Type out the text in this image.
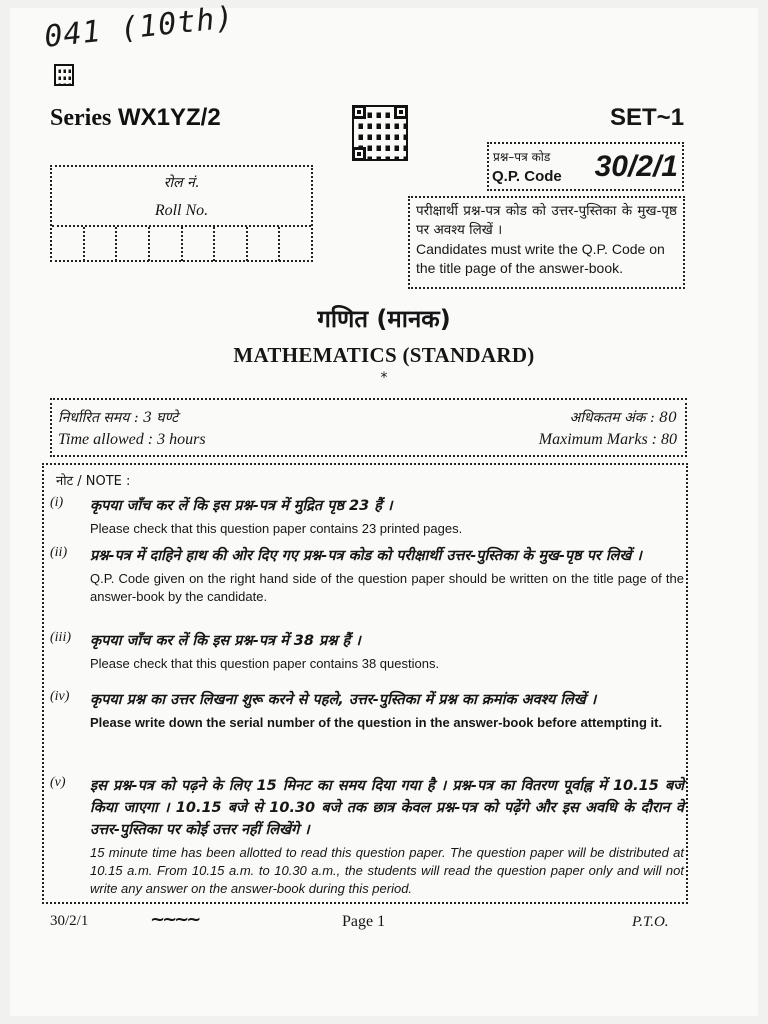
041 (10th)
Series WX1YZ/2	SET~1
प्रश्न–पत्र कोड
Q.P. Code 30/2/1
रोल नं.
Roll No.	परीक्षार्थी प्रश्न-पत्र कोड को उत्तर-पुस्तिका के मुख-पृष्ठ पर अवश्य लिखें ।
Candidates must write the Q.P. Code on the title page of the answer-book.
गणित (मानक)
MATHEMATICS (STANDARD)
*
निर्धारित समय : 3 घण्टे
Time allowed : 3 hours
अधिकतम अंक : 80
Maximum Marks : 80
नोट / NOTE :
(i) कृपया जाँच कर लें कि इस प्रश्न-पत्र में मुद्रित पृष्ठ 23 हैं ।
Please check that this question paper contains 23 printed pages.
(ii) प्रश्न-पत्र में दाहिने हाथ की ओर दिए गए प्रश्न-पत्र कोड को परीक्षार्थी उत्तर-पुस्तिका के मुख-पृष्ठ पर लिखें ।
Q.P. Code given on the right hand side of the question paper should be written on the title page of the answer-book by the candidate.
(iii) कृपया जाँच कर लें कि इस प्रश्न-पत्र में 38 प्रश्न हैं ।
Please check that this question paper contains 38 questions.
(iv) कृपया प्रश्न का उत्तर लिखना शुरू करने से पहले, उत्तर-पुस्तिका में प्रश्न का क्रमांक अवश्य लिखें ।
Please write down the serial number of the question in the answer-book before attempting it.
(v) इस प्रश्न-पत्र को पढ़ने के लिए 15 मिनट का समय दिया गया है । प्रश्न-पत्र का वितरण पूर्वाह्न में 10.15 बजे किया जाएगा । 10.15 बजे से 10.30 बजे तक छात्र केवल प्रश्न-पत्र को पढ़ेंगे और इस अवधि के दौरान वे उत्तर-पुस्तिका पर कोई उत्तर नहीं लिखेंगे ।
15 minute time has been allotted to read this question paper. The question paper will be distributed at 10.15 a.m. From 10.15 a.m. to 10.30 a.m., the students will read the question paper only and will not write any answer on the answer-book during this period.
30/2/1	~~~~	Page 1	P.T.O.
